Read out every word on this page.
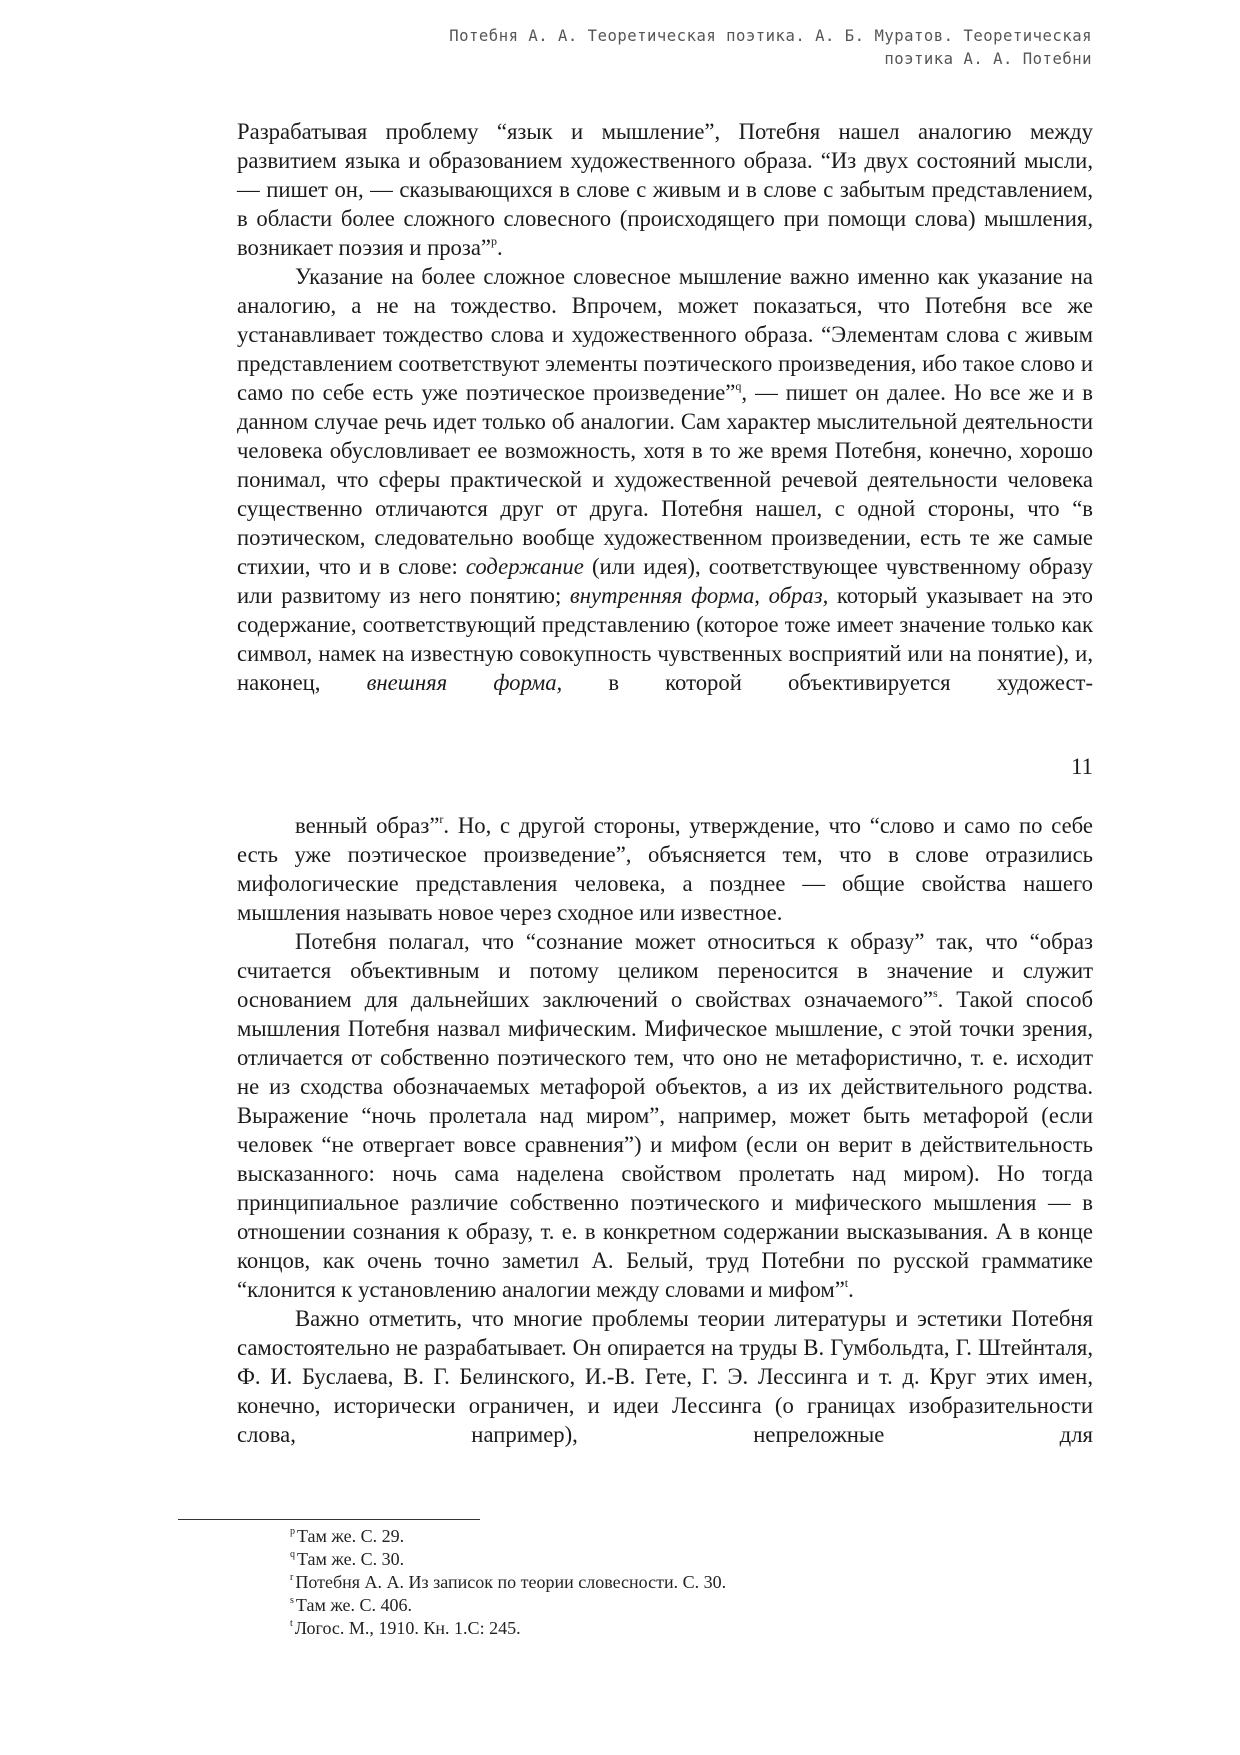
Потебня А. А. Теоретическая поэтика. А. Б. Муратов. Теоретическая
поэтика А. А. Потебни

Разрабатывая проблему “язык и мышление”, Потебня нашел аналогию между развитием языка и образованием художественного образа. “Из двух состояний мысли, — пишет он, — сказывающихся в слове с живым и в слове с забытым представлением, в области более сложного словесного (происходящего при помощи слова) мышления, возникает поэзия и проза”$^p$.

Указание на более сложное словесное мышление важно именно как указание на аналогию, а не на тождество. Впрочем, может показаться, что Потебня все же устанавливает тождество слова и художественного образа. “Элементам слова с живым представлением соответствуют элементы поэтического произведения, ибо такое слово и само по себе есть уже поэтическое произведение”$^q$, — пишет он далее. Но все же и в данном случае речь идет только об аналогии. Сам характер мыслительной деятельности человека обусловливает ее возможность, хотя в то же время Потебня, конечно, хорошо понимал, что сферы практической и художественной речевой деятельности человека существенно отличаются друг от друга. Потебня нашел, с одной стороны, что “в поэтическом, следовательно вообще художественном произведении, есть те же самые стихии, что и в слове: содержание (или идея), соответствующее чувственному образу или развитому из него понятию; внутренняя форма, образ, который указывает на это содержание, соответствующий представлению (которое тоже имеет значение только как символ, намек на известную совокупность чувственных восприятий или на понятие), и, наконец, внешняя форма, в которой объективируется художест-

11

венный образ”$^r$. Но, с другой стороны, утверждение, что “слово и само по себе есть уже поэтическое произведение”, объясняется тем, что в слове отразились мифологические представления человека, а позднее — общие свойства нашего мышления называть новое через сходное или известное.

Потебня полагал, что “сознание может относиться к образу” так, что “образ считается объективным и потому целиком переносится в значение и служит основанием для дальнейших заключений о свойствах означаемого”$^s$. Такой способ мышления Потебня назвал мифическим. Мифическое мышление, с этой точки зрения, отличается от собственно поэтического тем, что оно не метафористично, т. е. исходит не из сходства обозначаемых метафорой объектов, а из их действительного родства. Выражение “ночь пролетала над миром”, например, может быть метафорой (если человек “не отвергает вовсе сравнения”) и мифом (если он верит в действительность высказанного: ночь сама наделена свойством пролетать над миром). Но тогда принципиальное различие собственно поэтического и мифического мышления — в отношении сознания к образу, т. е. в конкретном содержании высказывания. А в конце концов, как очень точно заметил А. Белый, труд Потебни по русской грамматике “клонится к установлению аналогии между словами и мифом”$^t$.

Важно отметить, что многие проблемы теории литературы и эстетики Потебня самостоятельно не разрабатывает. Он опирается на труды В. Гумбольдта, Г. Штейнталя, Ф. И. Буслаева, В. Г. Белинского, И.-В. Гете, Г. Э. Лессинга и т. д. Круг этих имен, конечно, исторически ограничен, и идеи Лессинга (о границах изобразительности слова, например), непреложные для

$^p$ Там же. С. 29.
$^q$ Там же. С. 30.
$^r$ Потебня А. А. Из записок по теории словесности. С. 30.
$^s$ Там же. С. 406.
$^t$ Логос. М., 1910. Кн. 1.С: 245.
